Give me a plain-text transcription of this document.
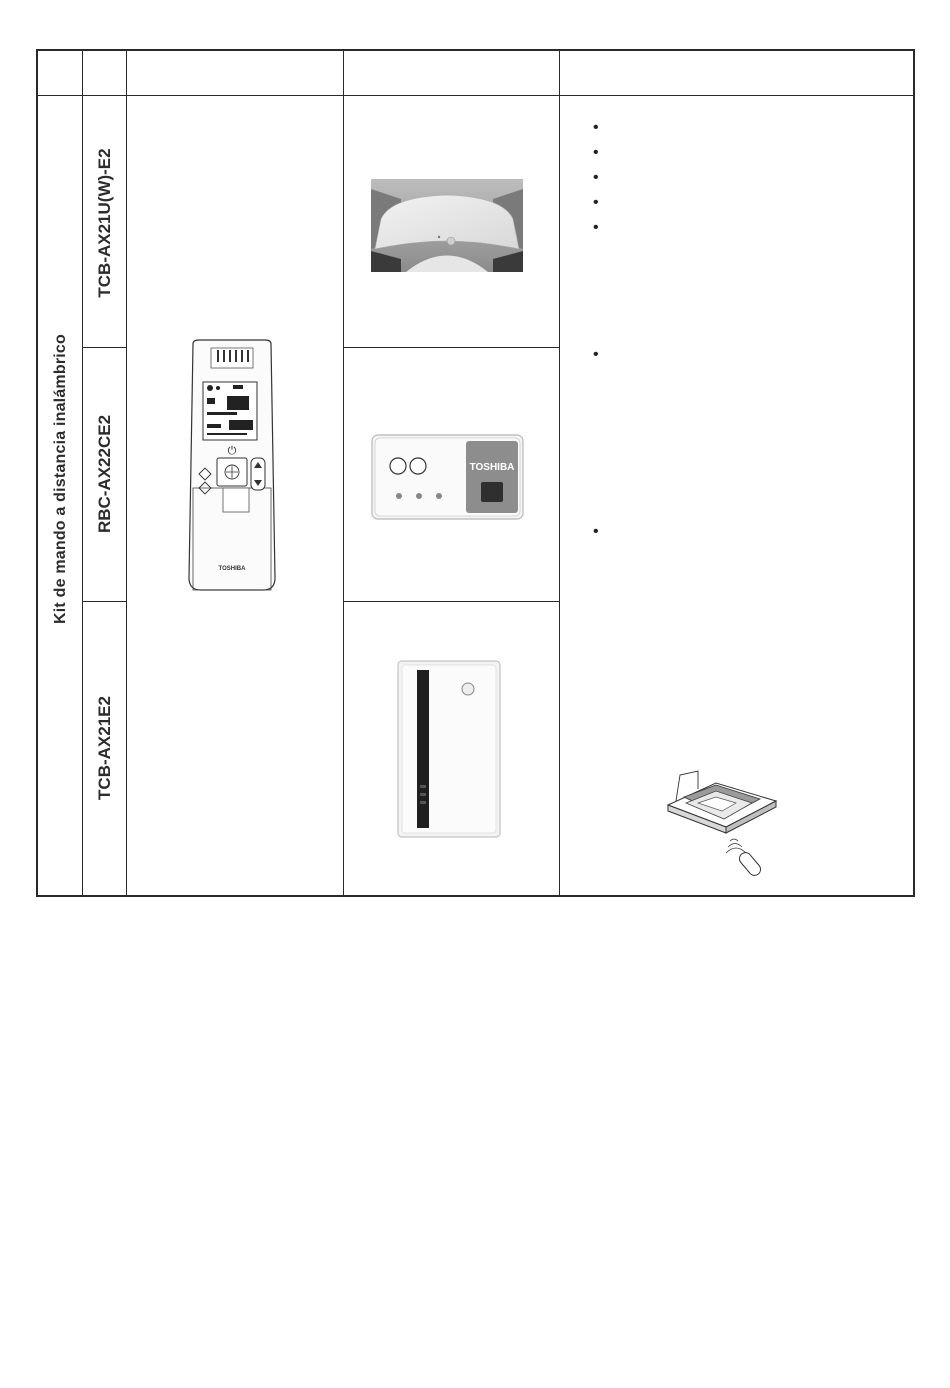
Kit de mando a distancia inalámbrico
TCB-AX21U(W)-E2
RBC-AX22CE2
TCB-AX21E2
⏻
TOSHIBA
TOSHIBA
•
•
•
•
•
•
•
